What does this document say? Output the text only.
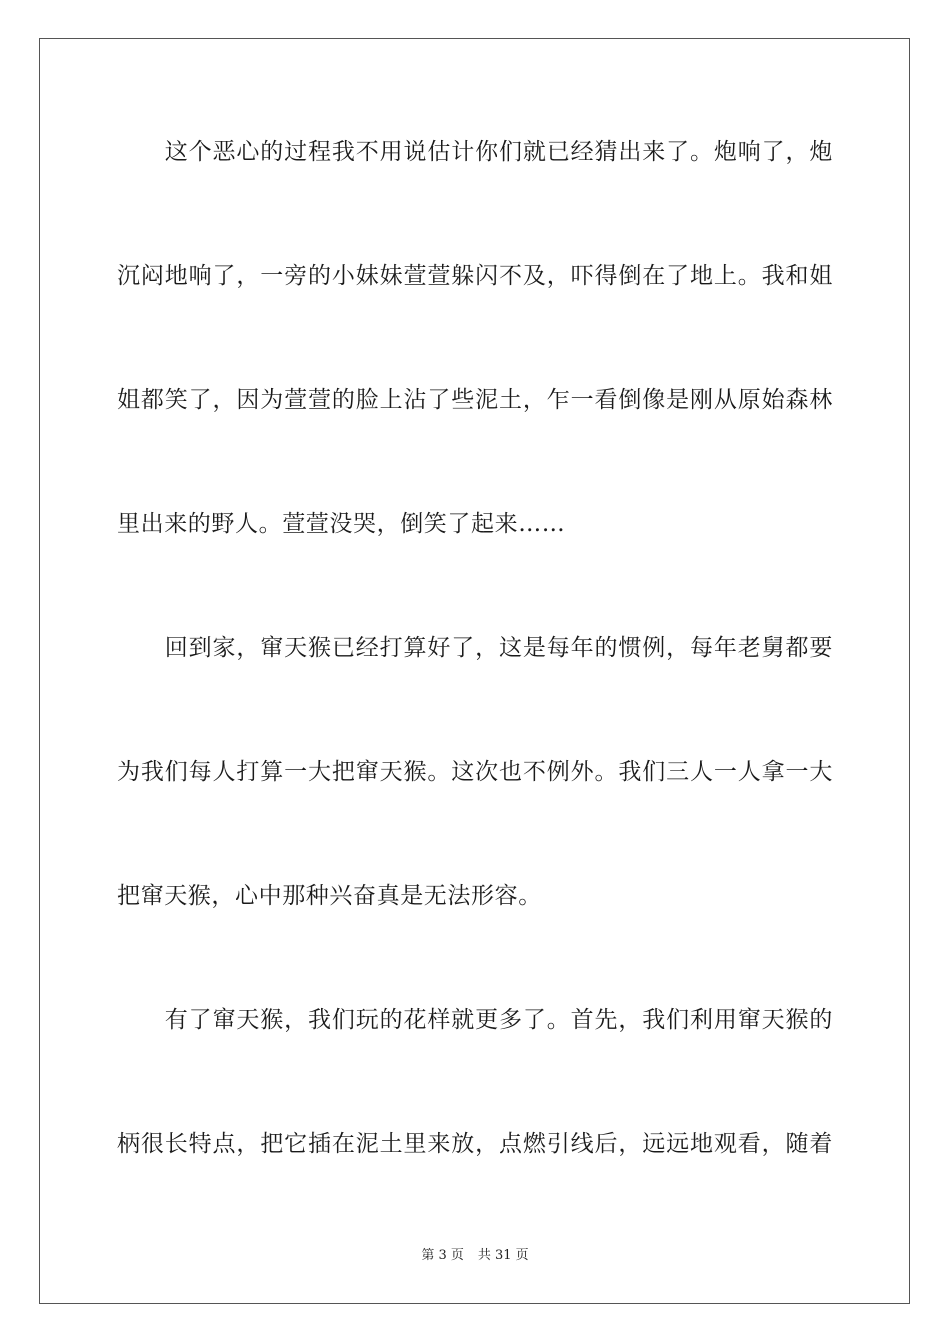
　　这个恶心的过程我不用说估计你们就已经猜出来了。炮响了，炮
沉闷地响了，一旁的小妹妹萱萱躲闪不及，吓得倒在了地上。我和姐
姐都笑了，因为萱萱的脸上沾了些泥土，乍一看倒像是刚从原始森林
里出来的野人。萱萱没哭，倒笑了起来……
　　回到家，窜天猴已经打算好了，这是每年的惯例，每年老舅都要
为我们每人打算一大把窜天猴。这次也不例外。我们三人一人拿一大
把窜天猴，心中那种兴奋真是无法形容。
　　有了窜天猴，我们玩的花样就更多了。首先，我们利用窜天猴的
柄很长特点，把它插在泥土里来放，点燃引线后，远远地观看，随着
第 3 页 共 31 页
